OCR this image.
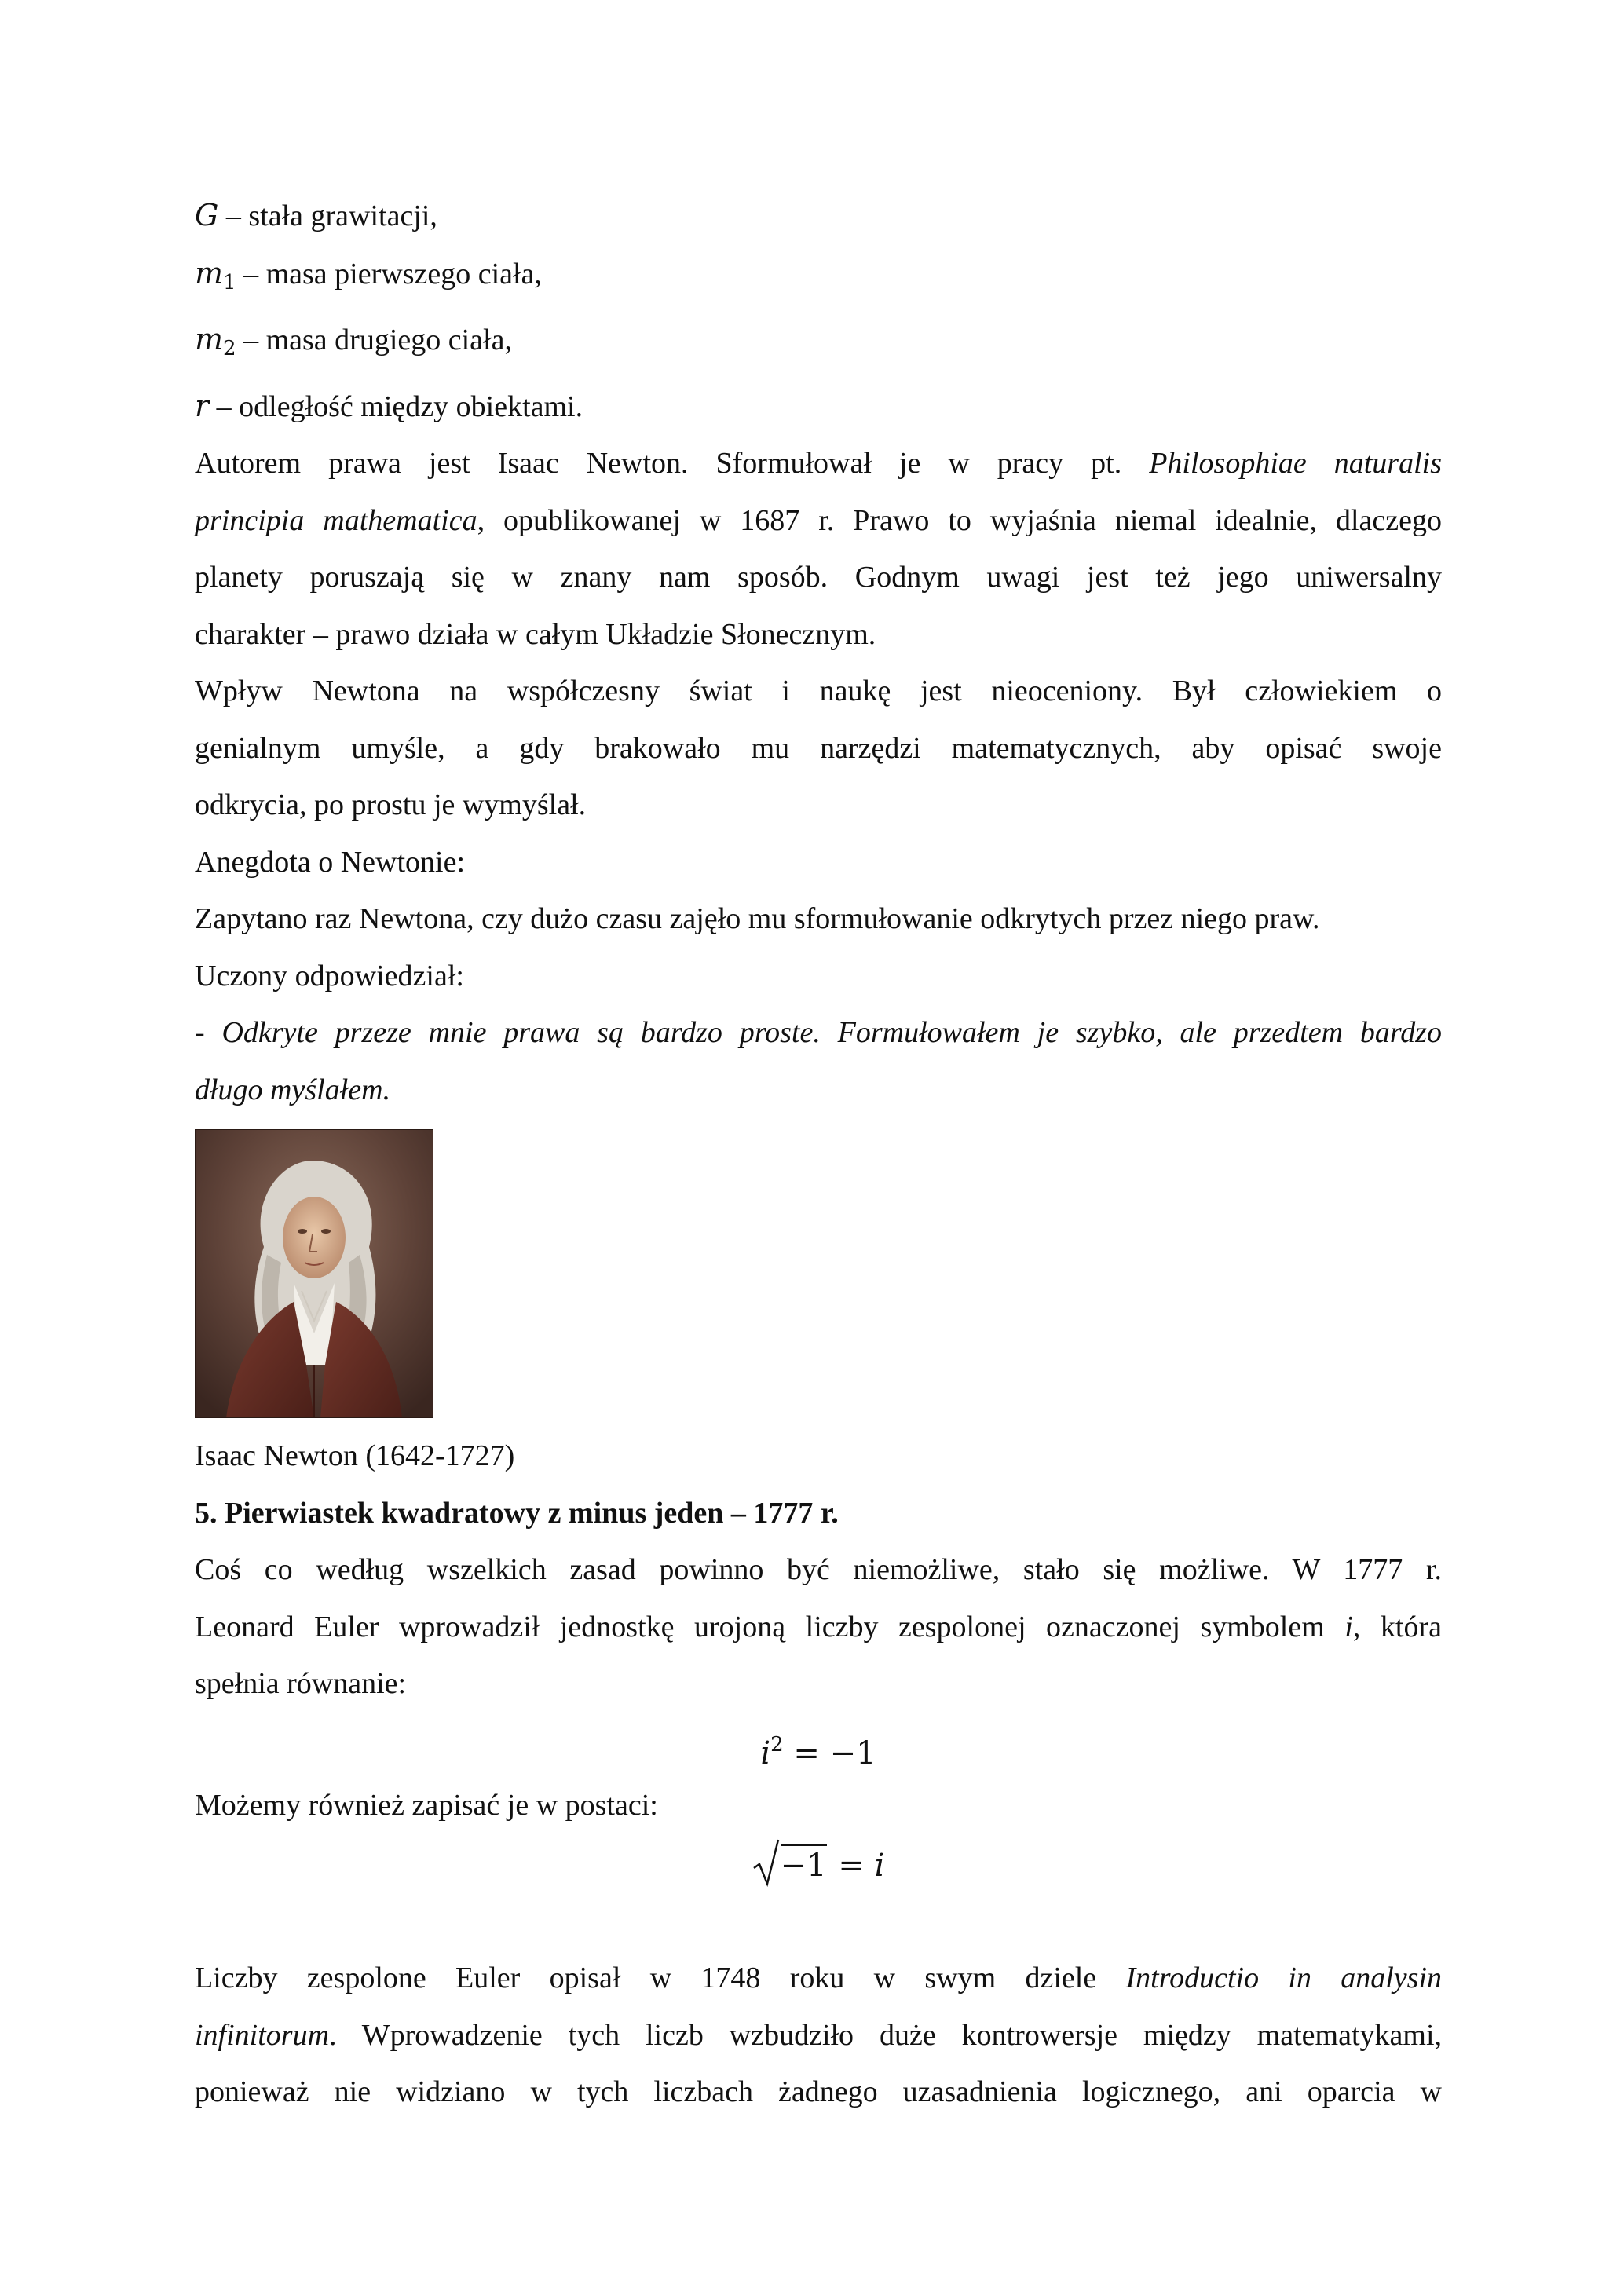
G – stała grawitacji,

$m_1$ – masa pierwszego ciała,

$m_2$ – masa drugiego ciała,

r – odległość między obiektami.

Autorem prawa jest Isaac Newton. Sformułował je w pracy pt. Philosophiae naturalis

principia mathematica, opublikowanej w 1687 r. Prawo to wyjaśnia niemal idealnie, dlaczego

planety poruszają się w znany nam sposób. Godnym uwagi jest też jego uniwersalny

charakter – prawo działa w całym Układzie Słonecznym.

Wpływ Newtona na współczesny świat i naukę jest nieoceniony. Był człowiekiem o

genialnym umyśle, a gdy brakowało mu narzędzi matematycznych, aby opisać swoje

odkrycia, po prostu je wymyślał.

Anegdota o Newtonie:

Zapytano raz Newtona, czy dużo czasu zajęło mu sformułowanie odkrytych przez niego praw.

Uczony odpowiedział:

- Odkryte przeze mnie prawa są bardzo proste. Formułowałem je szybko, ale przedtem bardzo

długo myślałem.

Isaac Newton (1642-1727)

5. Pierwiastek kwadratowy z minus jeden – 1777 r.

Coś co według wszelkich zasad powinno być niemożliwe, stało się możliwe. W 1777 r.

Leonard Euler wprowadził jednostkę urojoną liczby zespolonej oznaczonej symbolem i, która

spełnia równanie:

$i^2 = -1$

Możemy również zapisać je w postaci:

−1 = i

Liczby zespolone Euler opisał w 1748 roku w swym dziele Introductio in analysin

infinitorum. Wprowadzenie tych liczb wzbudziło duże kontrowersje między matematykami,

ponieważ nie widziano w tych liczbach żadnego uzasadnienia logicznego, ani oparcia w
